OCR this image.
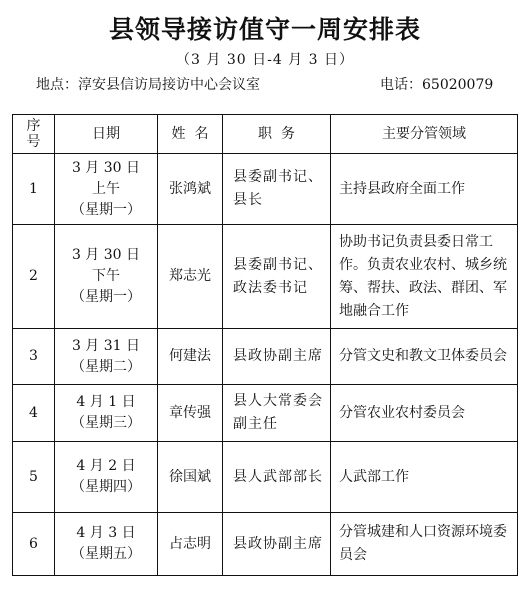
县领导接访值守一周安排表
（3 月 30 日-4 月 3 日）
地点：淳安县信访局接访中心会议室	电话：65020079
序
号	日期	姓  名	职  务	主要分管领域
1	3 月 30 日
上午
（星期一）	张鸿斌	县委副书记、县长	主持县政府全面工作
2	3 月 30 日
下午
（星期一）	郑志光	县委副书记、政法委书记	协助书记负责县委日常工作。负责农业农村、城乡统筹、帮扶、政法、群团、军地融合工作
3	3 月 31 日
（星期二）	何建法	县政协副主席	分管文史和教文卫体委员会
4	4 月 1 日
（星期三）	章传强	县人大常委会副主任	分管农业农村委员会
5	4 月 2 日
（星期四）	徐国斌	县人武部部长	人武部工作
6	4 月 3 日
（星期五）	占志明	县政协副主席	分管城建和人口资源环境委员会
